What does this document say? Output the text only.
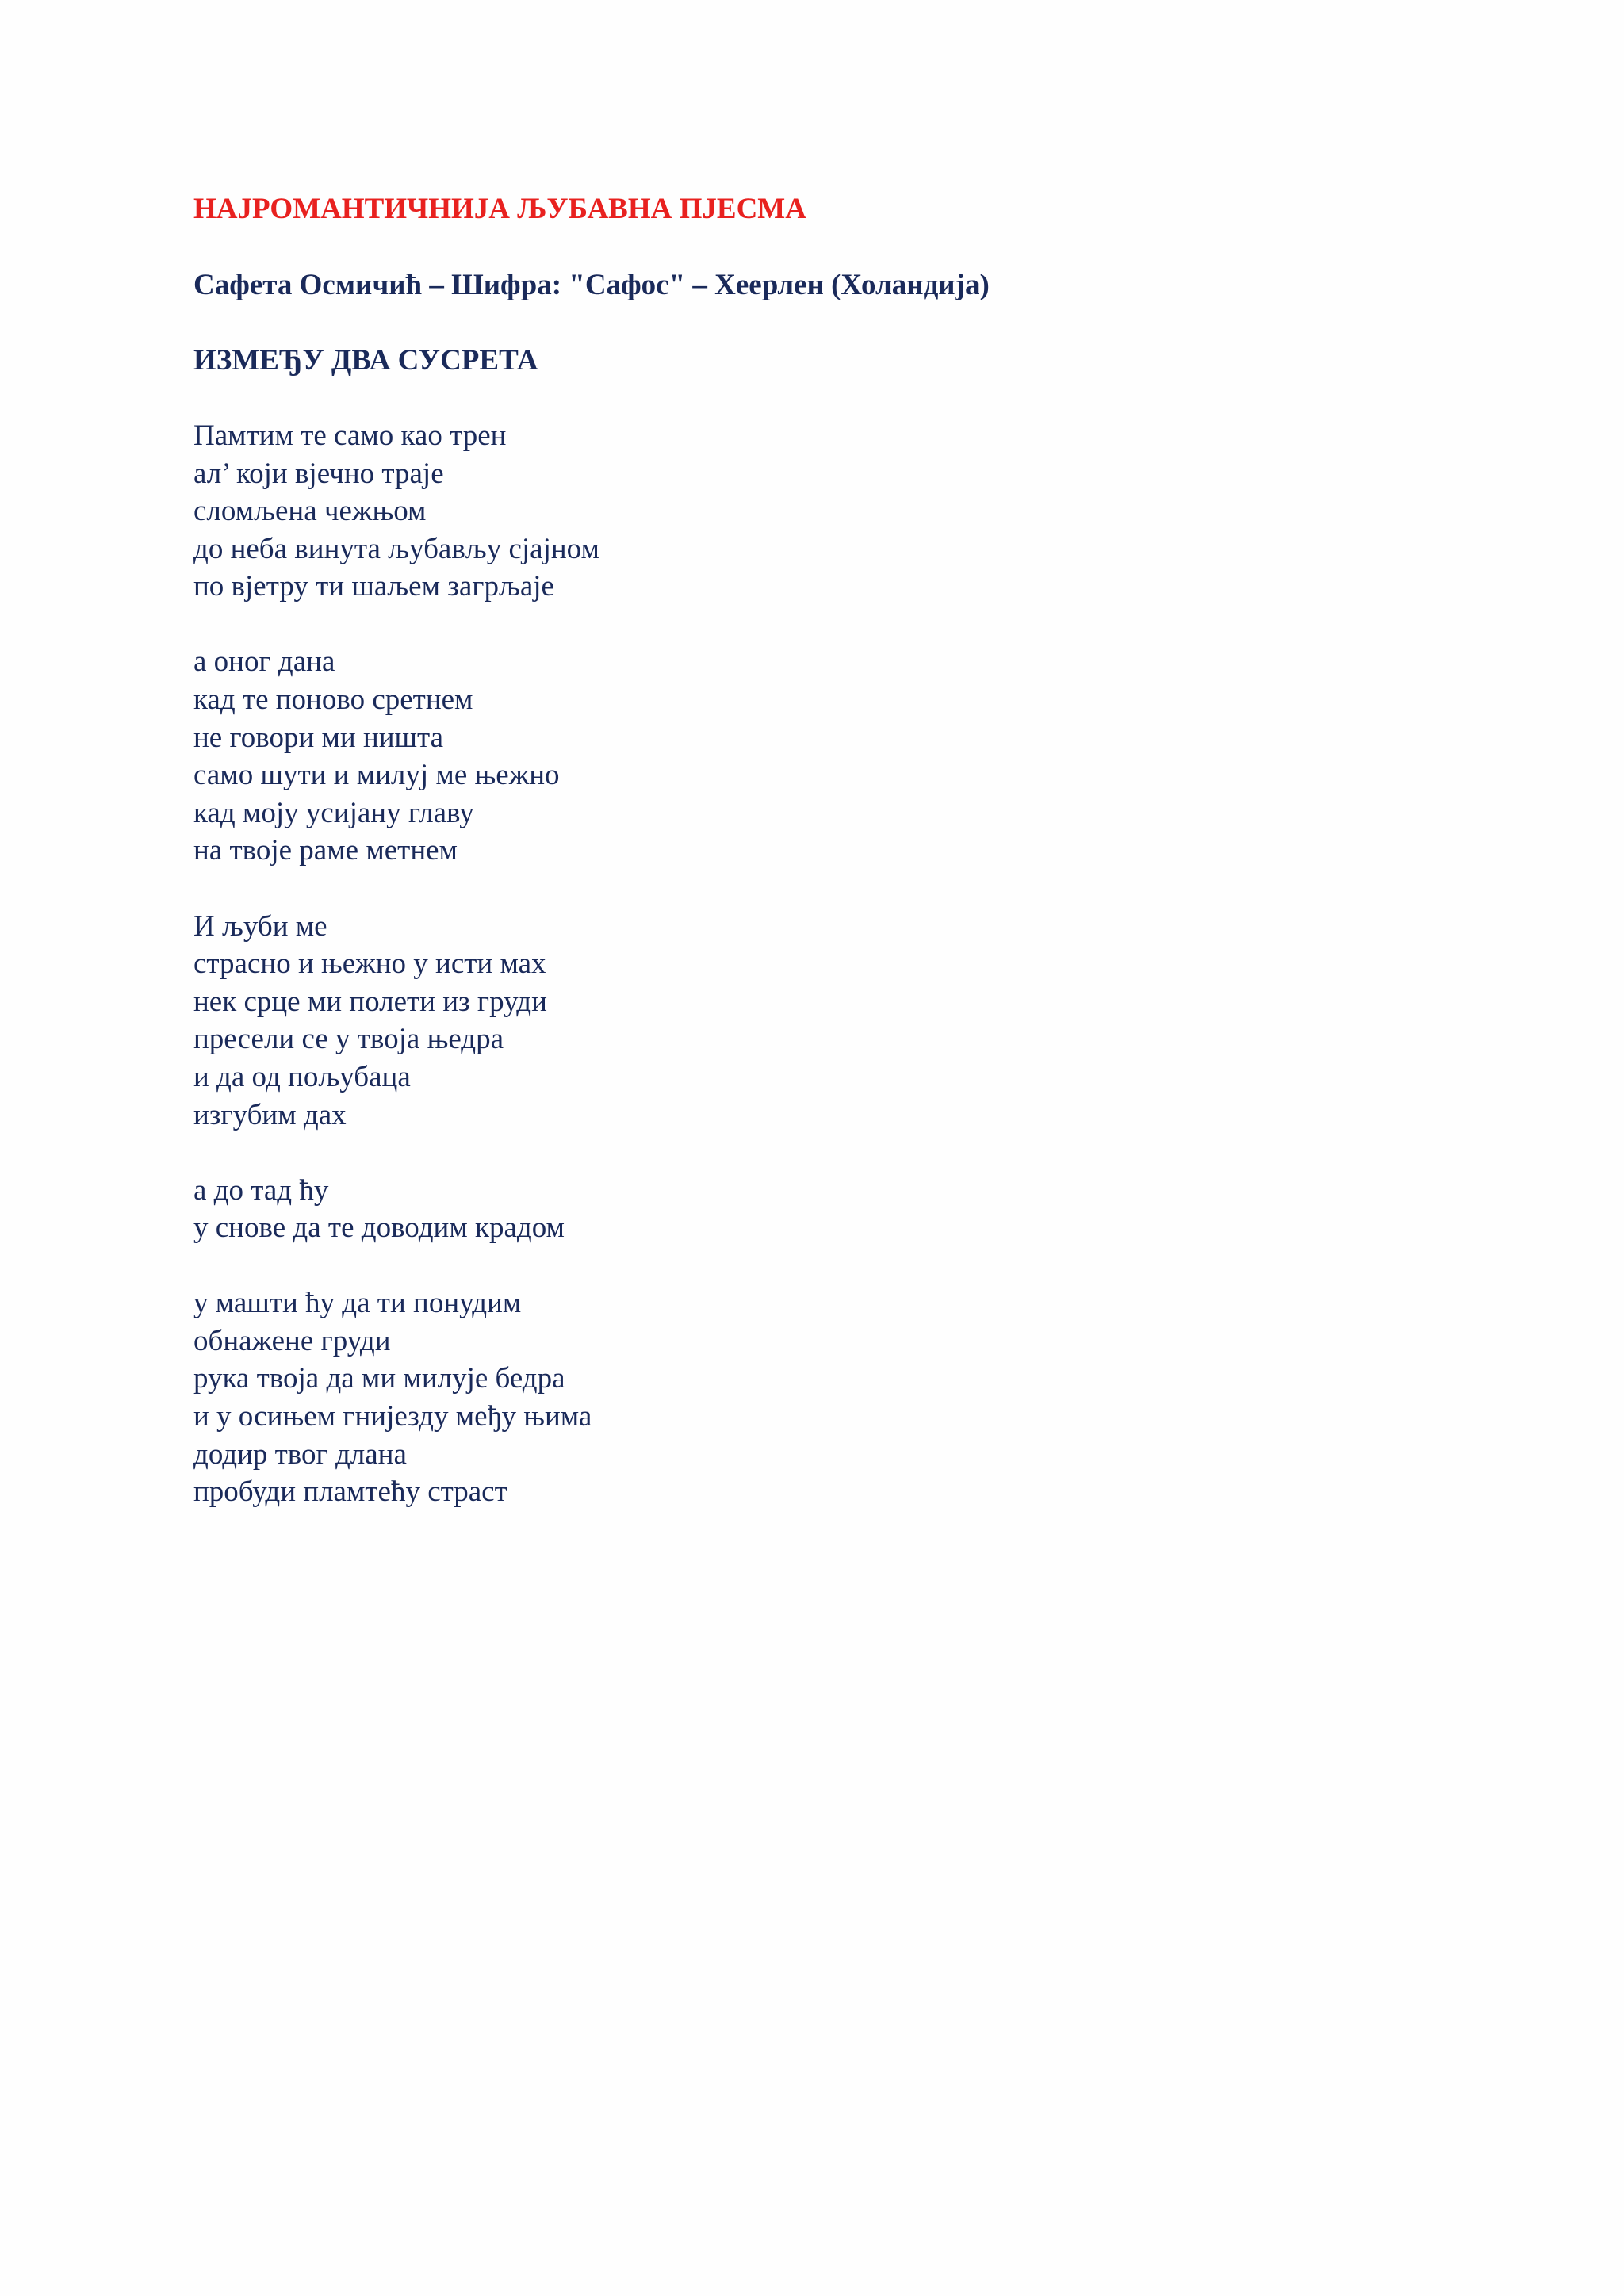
НАЈРОМАНТИЧНИЈА ЉУБАВНА ПЈЕСМА
Сафета Осмичић – Шифра: "Сафос" – Хеерлен (Холандија)
ИЗМЕЂУ ДВА СУСРЕТА
Памтим те само као трен
ал’ који вјечно траје
сломљена чежњом
до неба винута љубављу сјајном
по вјетру ти шаљем загрљаје
а оног дана
кад те поново сретнем
не говори ми ништа
само шути и милуј ме њежно
кад моју усијану главу
на твоје раме метнем
И љуби ме
страсно и њежно у исти мах
нек срце ми полети из груди
пресели се у твоја њедра
и да од пољубаца
изгубим дах
а до тад ћу
у снове да те доводим крадом
у машти ћу да ти понудим
обнажене груди
рука твоја да ми милује бедра
и у осињем гнијезду међу њима
додир твог длана
пробуди пламтећу страст
